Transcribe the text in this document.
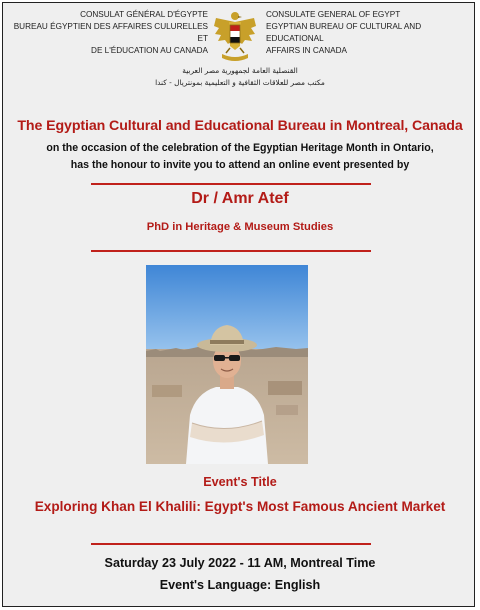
CONSULAT GÉNÉRAL D'ÉGYPTE
BUREAU ÉGYPTIEN DES AFFAIRES CULURELLES ET
DE L'ÉDUCATION AU CANADA
CONSULATE GENERAL OF EGYPT
EGYPTIAN BUREAU OF CULTURAL AND EDUCATIONAL
AFFAIRS IN CANADA
القنصلية العامة لجمهورية مصر العربية
مكتب مصر للعلاقات الثقافية و التعليمية بمونتريال - كندا
The Egyptian Cultural and Educational Bureau in Montreal, Canada
on the occasion of the celebration of the Egyptian Heritage Month in Ontario,
has the honour to invite you to attend an online event presented by
Dr / Amr Atef
PhD in Heritage & Museum Studies
Event's Title
Exploring Khan El Khalili: Egypt's Most Famous Ancient Market
Saturday 23 July 2022 - 11 AM, Montreal Time
Event's Language: English
